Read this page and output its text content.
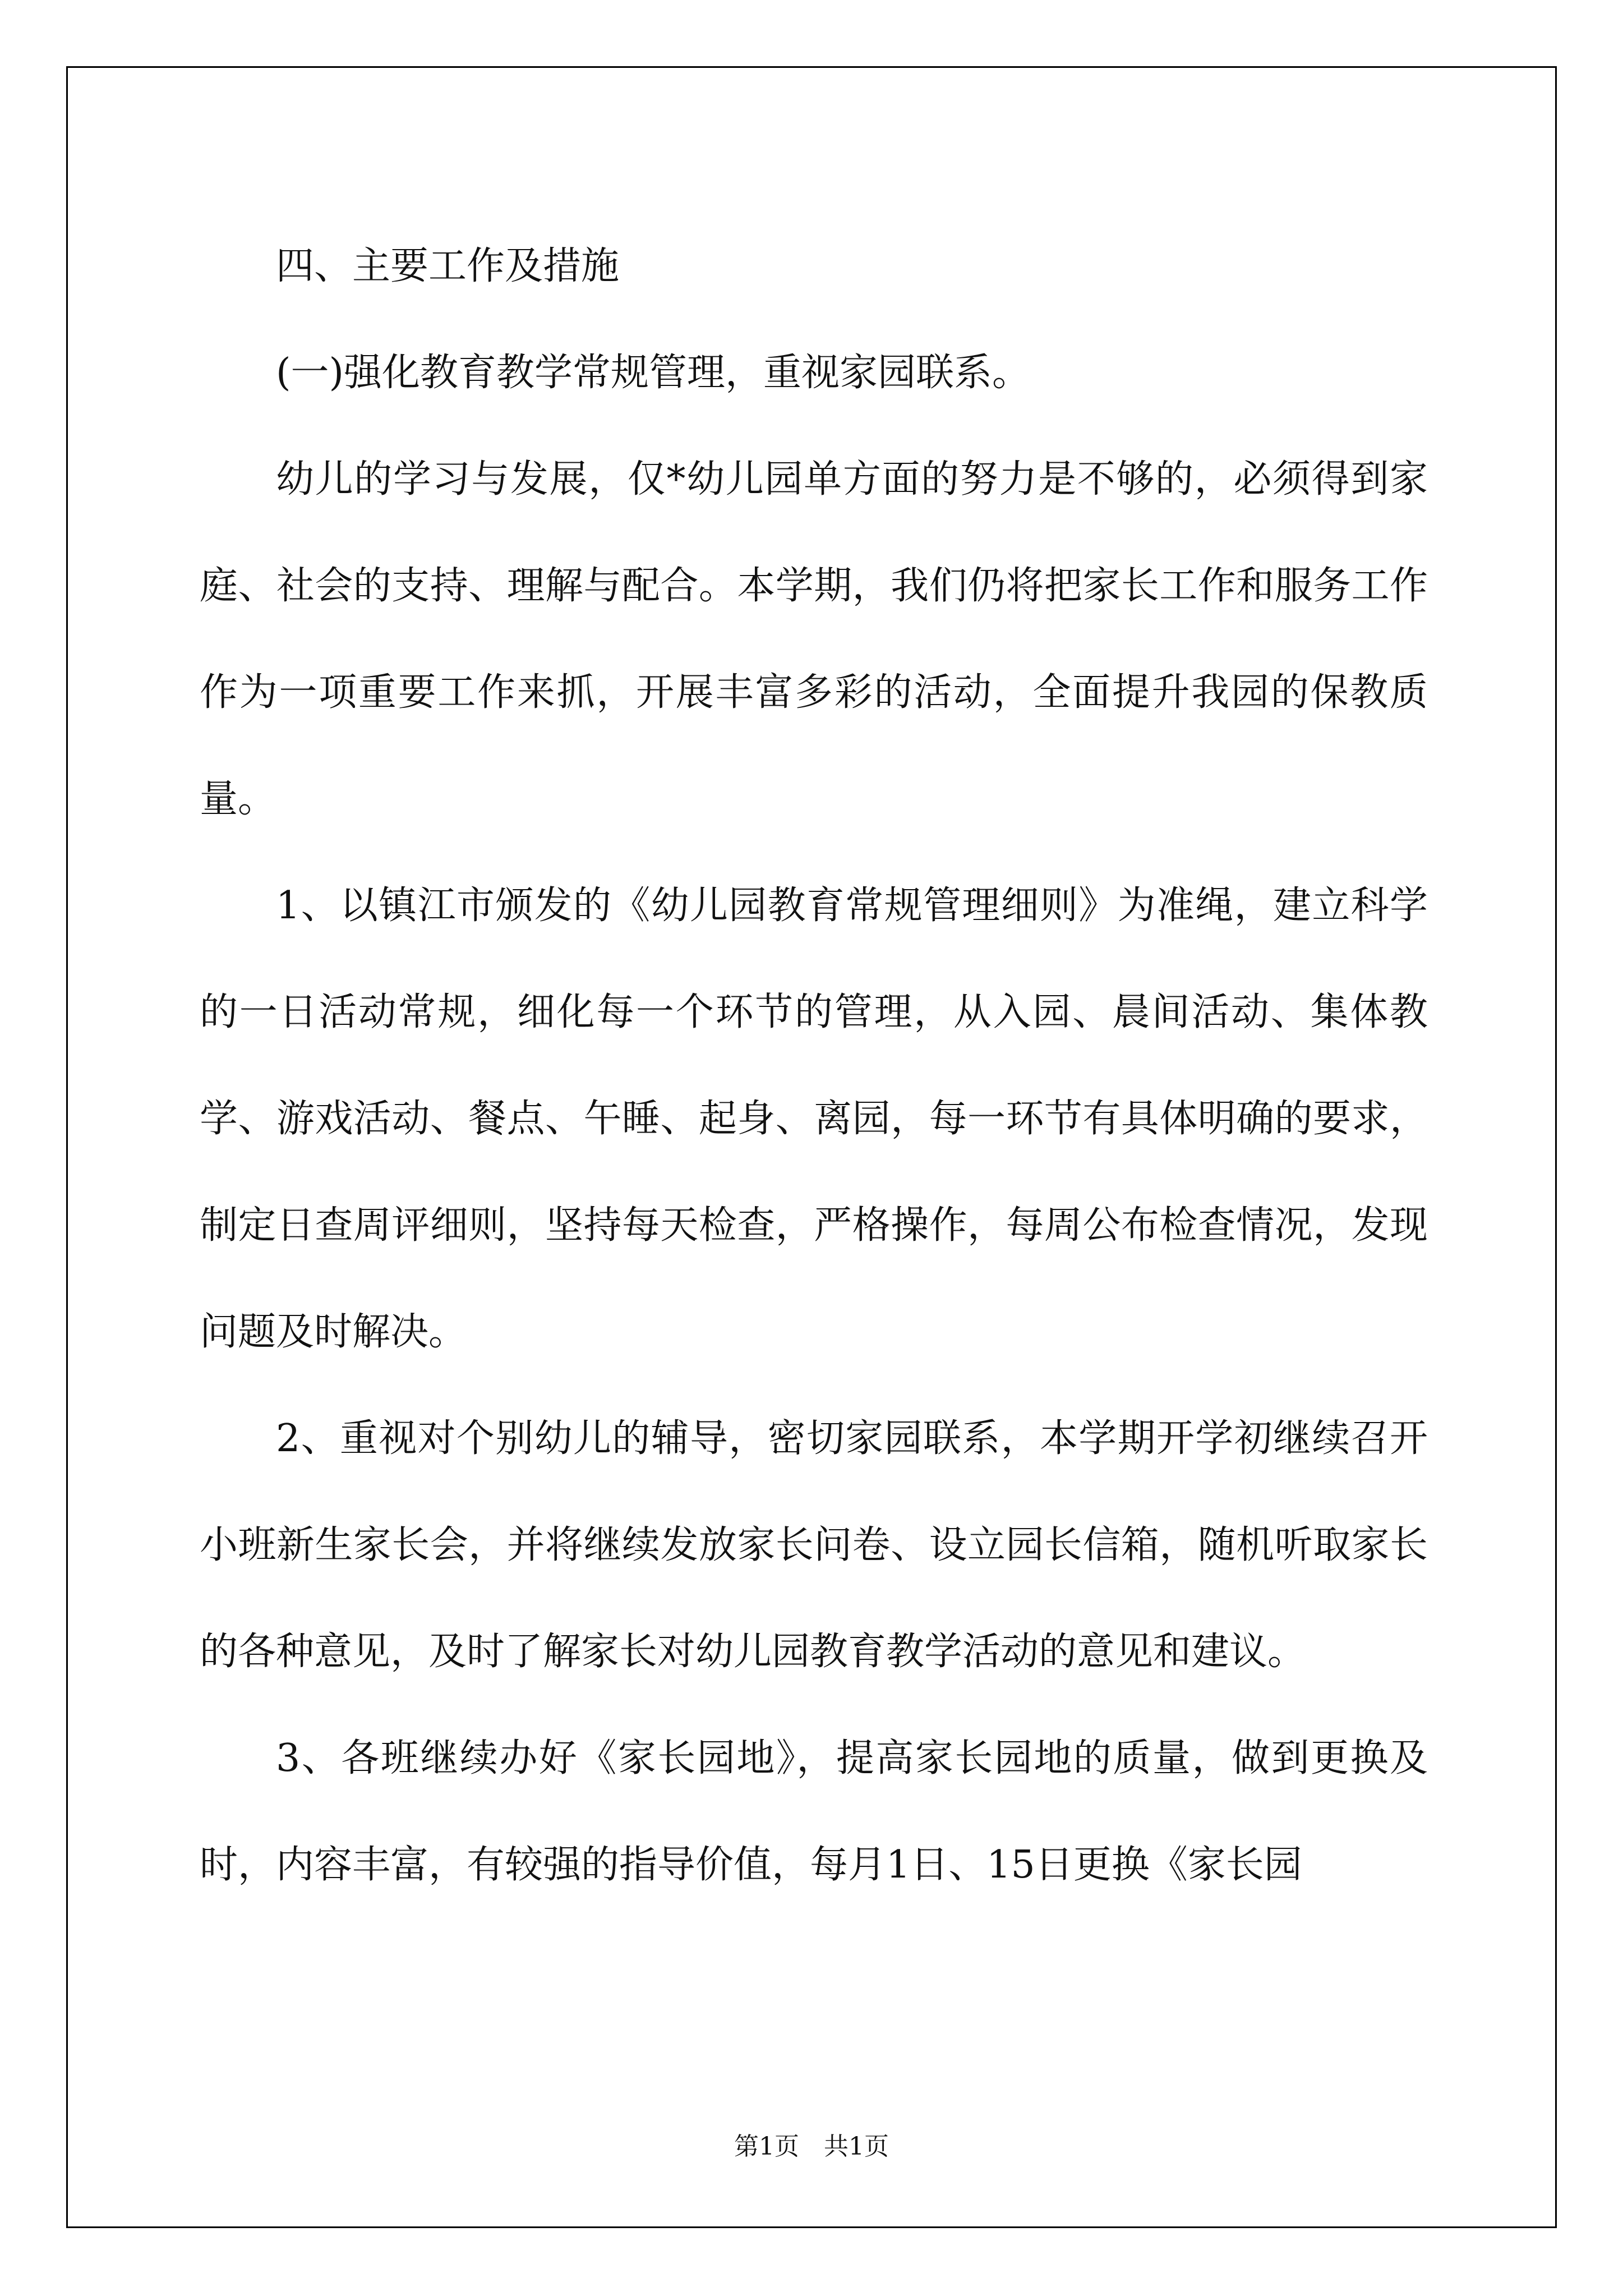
四、主要工作及措施

(一)强化教育教学常规管理，重视家园联系。

幼儿的学习与发展，仅*幼儿园单方面的努力是不够的，必须得到家庭、社会的支持、理解与配合。本学期，我们仍将把家长工作和服务工作作为一项重要工作来抓，开展丰富多彩的活动，全面提升我园的保教质量。

1、以镇江市颁发的《幼儿园教育常规管理细则》为准绳，建立科学的一日活动常规，细化每一个环节的管理，从入园、晨间活动、集体教学、游戏活动、餐点、午睡、起身、离园，每一环节有具体明确的要求，制定日查周评细则，坚持每天检查，严格操作，每周公布检查情况，发现问题及时解决。

2、重视对个别幼儿的辅导，密切家园联系，本学期开学初继续召开小班新生家长会，并将继续发放家长问卷、设立园长信箱，随机听取家长的各种意见，及时了解家长对幼儿园教育教学活动的意见和建议。

3、各班继续办好《家长园地》，提高家长园地的质量，做到更换及时，内容丰富，有较强的指导价值，每月1日、15日更换《家长园

第1页　共1页
